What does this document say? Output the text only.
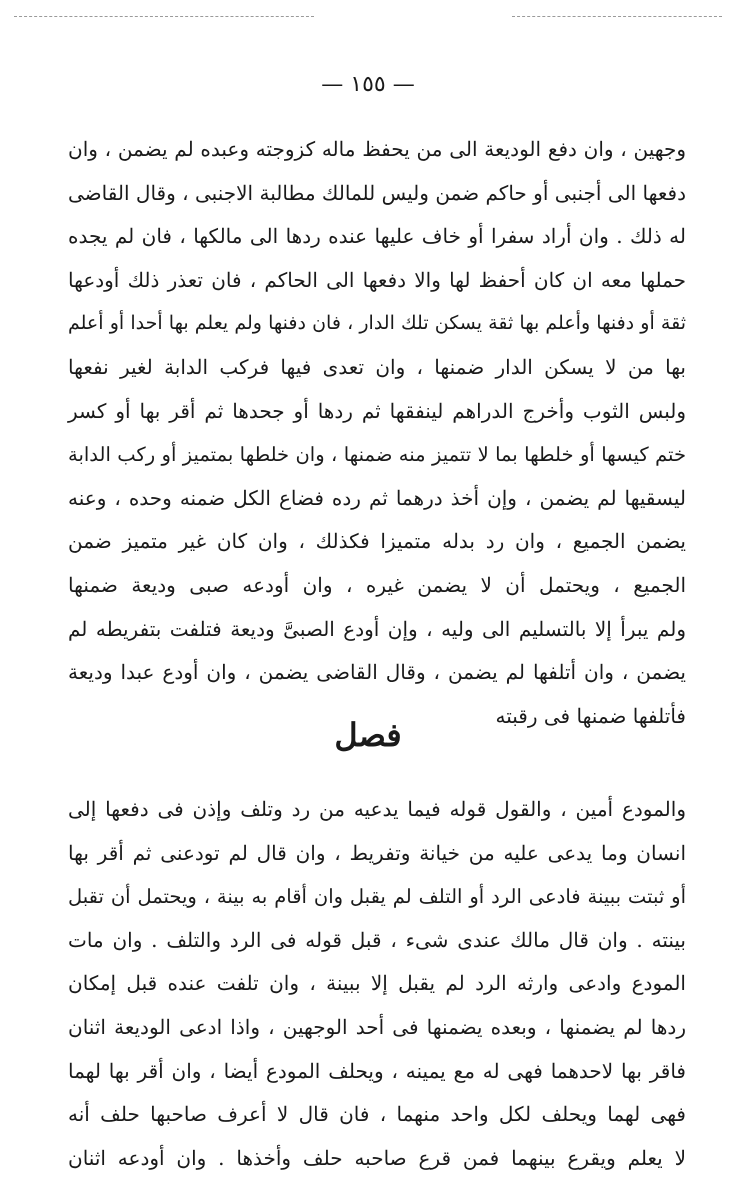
— ١٥٥ —
وجهين ، وان دفع الوديعة الى من يحفظ ماله كزوجته وعبده لم يضمن ، وان
دفعها الى أجنبى أو حاكم ضمن وليس للمالك مطالبة الاجنبى ، وقال القاضى
له ذلك . وان أراد سفرا أو خاف عليها عنده ردها الى مالكها ، فان لم يجده
حملها معه ان كان أحفظ لها والا دفعها الى الحاكم ، فان تعذر ذلك أودعها
ثقة أو دفنها وأعلم بها ثقة يسكن تلك الدار ، فان دفنها ولم يعلم بها أحدا أو أعلم
بها من لا يسكن الدار ضمنها ، وان تعدى فيها فركب الدابة لغير نفعها
ولبس الثوب وأخرج الدراهم لينفقها ثم ردها أو جحدها ثم أقر بها أو كسر
ختم كيسها أو خلطها بما لا تتميز منه ضمنها ، وان خلطها بمتميز أو ركب الدابة
ليسقيها لم يضمن ، وإن أخذ درهما ثم رده فضاع الكل ضمنه وحده ، وعنه
يضمن الجميع ، وان رد بدله متميزا فكذلك ، وان كان غير متميز ضمن
الجميع ، ويحتمل أن لا يضمن غيره ، وان أودعه صبى وديعة ضمنها
ولم يبرأ إلا بالتسليم الى وليه ، وإن أودع الصبىَّ وديعة فتلفت بتفريطه لم
يضمن ، وان أتلفها لم يضمن ، وقال القاضى يضمن ، وان أودع عبدا وديعة
فأتلفها ضمنها فى رقبته
فصل
والمودع أمين ، والقول قوله فيما يدعيه من رد وتلف وإذن فى دفعها إلى
انسان وما يدعى عليه من خيانة وتفريط ، وان قال لم تودعنى ثم أقر بها
أو ثبتت ببينة فادعى الرد أو التلف لم يقبل وان أقام به بينة ، ويحتمل أن تقبل
بينته . وان قال مالك عندى شىء ، قبل قوله فى الرد والتلف . وان مات
المودع وادعى وارثه الرد لم يقبل إلا ببينة ، وان تلفت عنده قبل إمكان
ردها لم يضمنها ، وبعده يضمنها فى أحد الوجهين ، واذا ادعى الوديعة اثنان
فاقر بها لاحدهما فهى له مع يمينه ، ويحلف المودع أيضا ، وان أقر بها لهما
فهى لهما ويحلف لكل واحد منهما ، فان قال لا أعرف صاحبها حلف أنه
لا يعلم ويقرع بينهما فمن قرع صاحبه حلف وأخذها . وان أودعه اثنان
